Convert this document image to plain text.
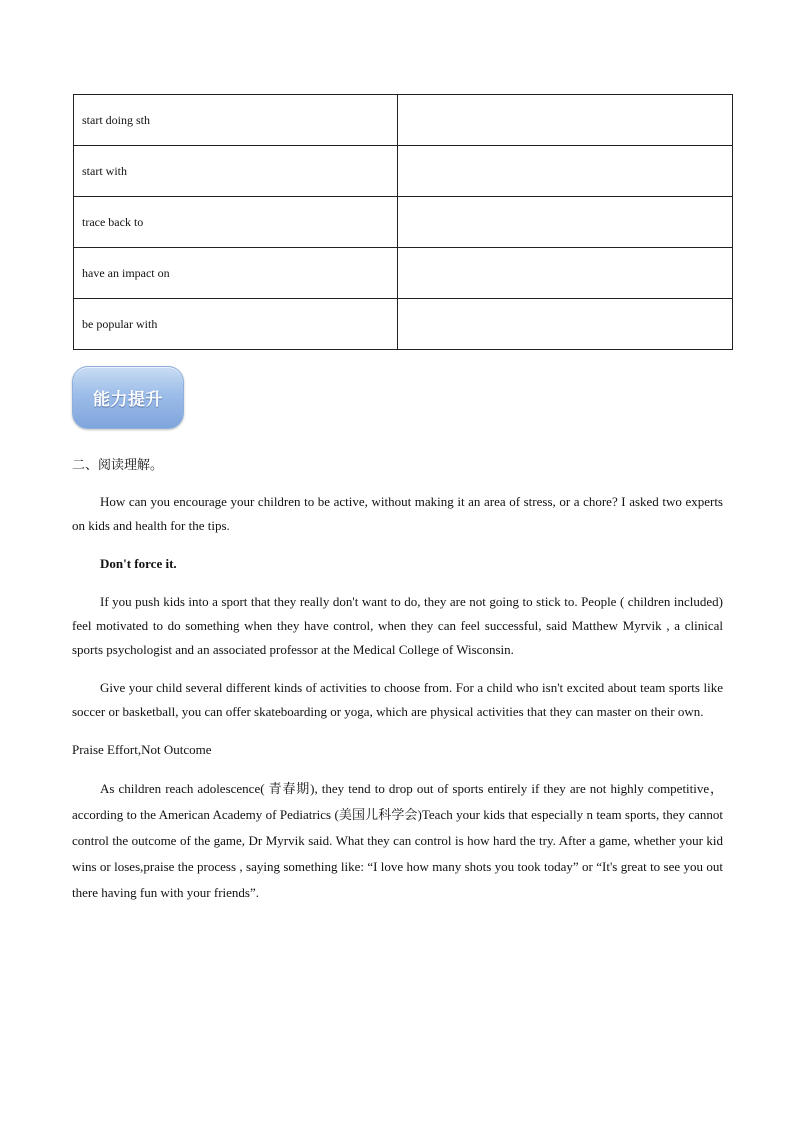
start doing sth	
start with	
trace back to	
have an impact on	
be popular with	
能力提升
二、阅读理解。

How can you encourage your children to be active, without making it an area of stress, or a chore? I asked two experts on kids and health for the tips.

Don't force it.

If you push kids into a sport that they really don't want to do, they are not going to stick to. People ( children included) feel motivated to do something when they have control, when they can feel successful, said Matthew Myrvik , a clinical sports psychologist and an associated professor at the Medical College of Wisconsin.

Give your child several different kinds of activities to choose from. For a child who isn't excited about team sports like soccer or basketball, you can offer skateboarding or yoga, which are physical activities that they can master on their own.

Praise Effort,Not Outcome

As children reach adolescence( 青春期), they tend to drop out of sports entirely if they are not highly competitive，according to the American Academy of Pediatrics (美国儿科学会)Teach your kids that especially n team sports, they cannot control the outcome of the game, Dr Myrvik said. What they can control is how hard the try. After a game, whether your kid wins or loses,praise the process , saying something like: “I love how many shots you took today” or “It's great to see you out there having fun with your friends”.
